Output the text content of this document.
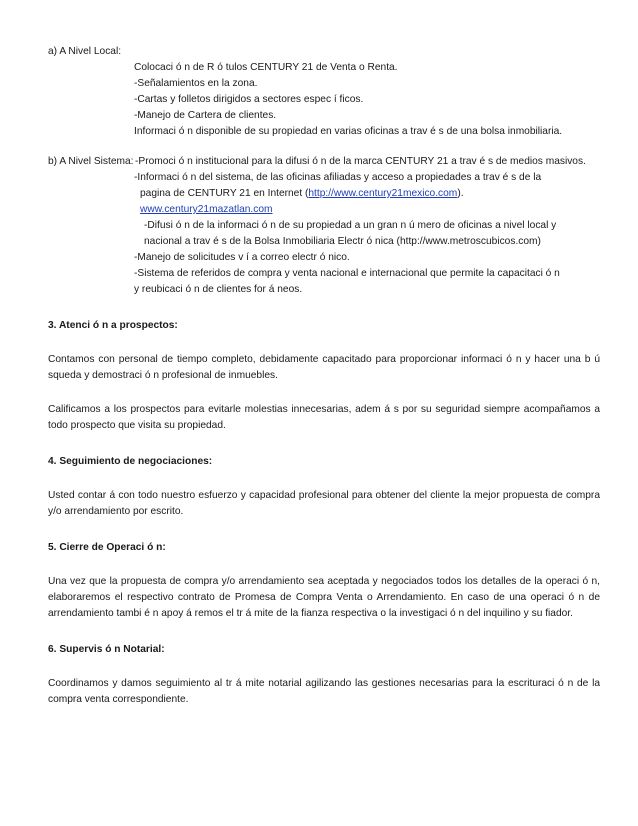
a) A Nivel Local:
Colocaci ó n de R ó tulos CENTURY 21 de Venta o Renta.
-Señalamientos en la zona.
-Cartas y folletos dirigidos a sectores espec í ficos.
-Manejo de Cartera de clientes.
Informaci ó n disponible de su propiedad en varias oficinas a trav é s de una bolsa inmobiliaria.
b) A Nivel Sistema: -Promoci ó n institucional para la difusi ó n de la marca CENTURY 21 a trav é s de medios masivos.
-Informaci ó n del sistema, de las oficinas afiliadas y acceso a propiedades a trav é s de la
pagina de CENTURY 21 en Internet (http://www.century21mexico.com).
www.century21mazatlan.com
-Difusi ó n de la informaci ó n de su propiedad a un gran n ú mero de oficinas a nivel local y
nacional a trav é s de la Bolsa Inmobiliaria Electr ó nica (http://www.metroscubicos.com)
-Manejo de solicitudes v í a correo electr ó nico.
-Sistema de referidos de compra y venta nacional e internacional que permite la capacitaci ó n
y reubicaci ó n de clientes for á neos.
3. Atenci ó n a prospectos:

Contamos con personal de tiempo completo, debidamente capacitado para proporcionar informaci ó n y hacer una b ú squeda y demostraci ó n profesional de inmuebles.

Calificamos a los prospectos para evitarle molestias innecesarias, adem á s por su seguridad siempre acompañamos a todo prospecto que visita su propiedad.

4. Seguimiento de negociaciones:

Usted contar á con todo nuestro esfuerzo y capacidad profesional para obtener del cliente la mejor propuesta de compra y/o arrendamiento por escrito.

5. Cierre de Operaci ó n:

Una vez que la propuesta de compra y/o arrendamiento sea aceptada y negociados todos los detalles de la operaci ó n, elaboraremos el respectivo contrato de Promesa de Compra Venta o Arrendamiento. En caso de una operaci ó n de arrendamiento tambi é n apoy á remos el tr á mite de la fianza respectiva o la investigaci ó n del inquilino y su fiador.

6. Supervis ó n Notarial:

Coordinamos y damos seguimiento al tr á mite notarial agilizando las gestiones necesarias para la escrituraci ó n de la compra venta correspondiente.
